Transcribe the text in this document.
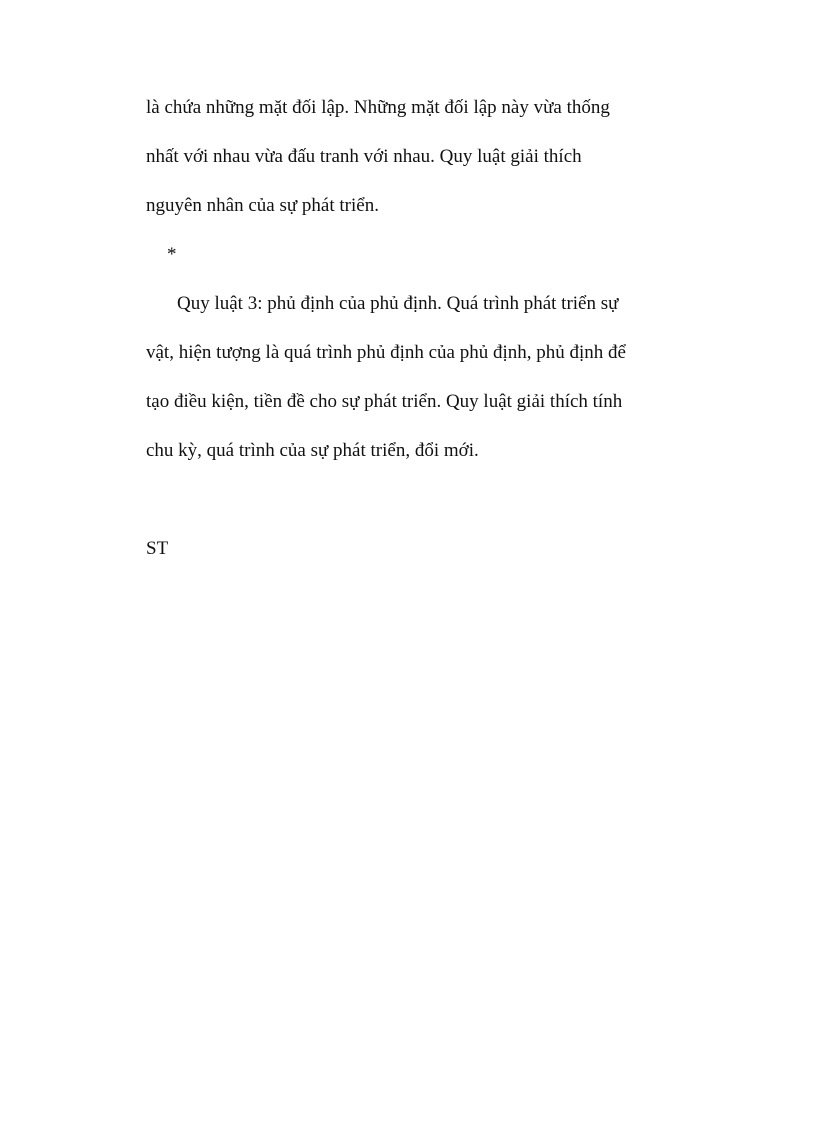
là chứa những mặt đối lập. Những mặt đối lập này vừa thống
nhất với nhau vừa đấu tranh với nhau. Quy luật giải thích
nguyên nhân của sự phát triển.
*
Quy luật 3: phủ định của phủ định. Quá trình phát triển sự
vật, hiện tượng là quá trình phủ định của phủ định, phủ định để
tạo điều kiện, tiền đề cho sự phát triển. Quy luật giải thích tính
chu kỳ, quá trình của sự phát triển, đổi mới.
ST
